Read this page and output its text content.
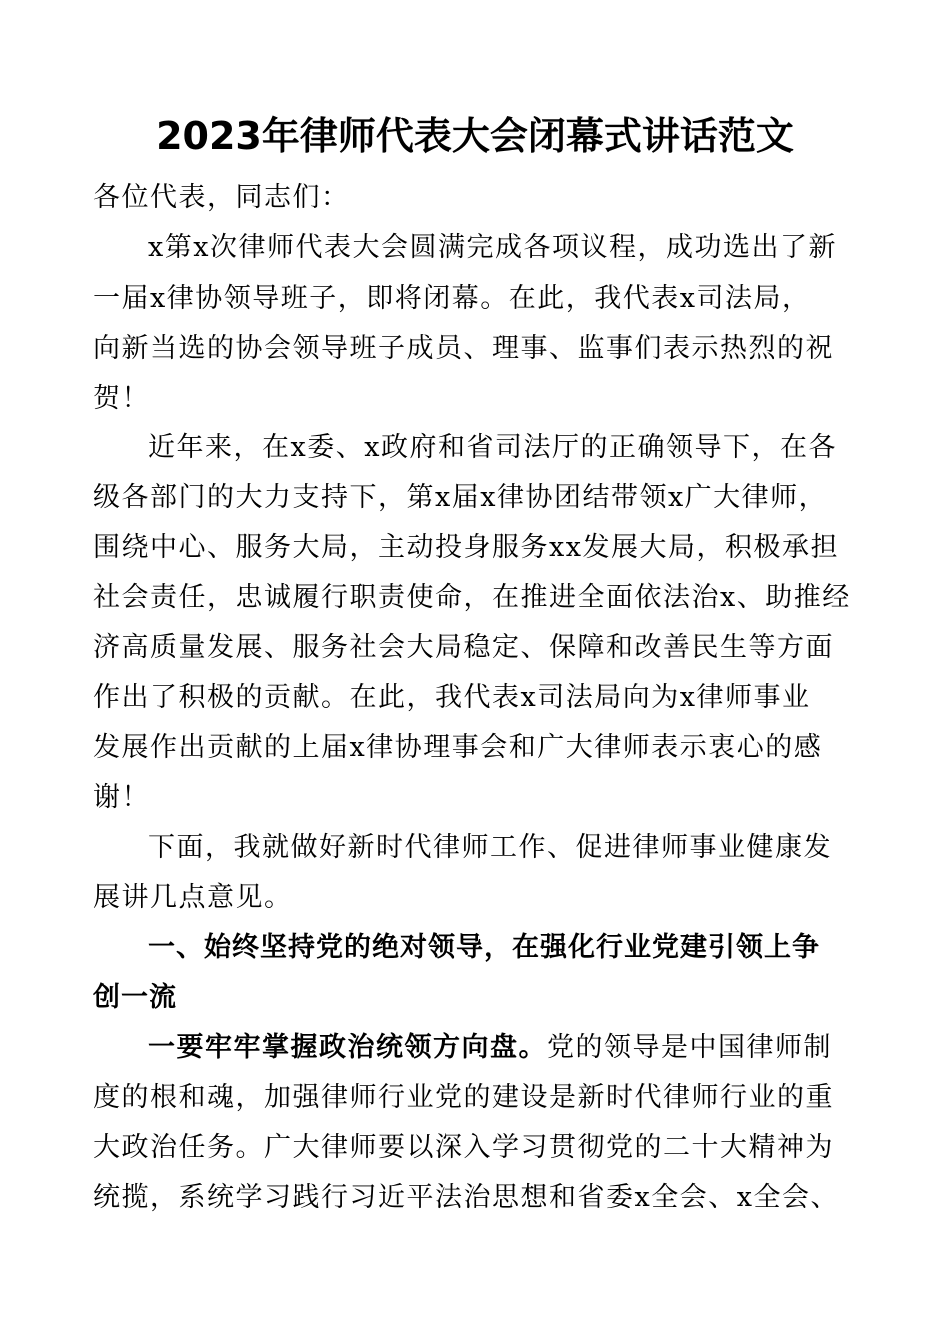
2023年律师代表大会闭幕式讲话范文
各位代表，同志们：
x第x次律师代表大会圆满完成各项议程，成功选出了新
一届x律协领导班子，即将闭幕。在此，我代表x司法局，
向新当选的协会领导班子成员、理事、监事们表示热烈的祝
贺！
近年来，在x委、x政府和省司法厅的正确领导下，在各
级各部门的大力支持下，第x届x律协团结带领x广大律师，
围绕中心、服务大局，主动投身服务xx发展大局，积极承担
社会责任，忠诚履行职责使命，在推进全面依法治x、助推经
济高质量发展、服务社会大局稳定、保障和改善民生等方面
作出了积极的贡献。在此，我代表x司法局向为x律师事业
发展作出贡献的上届x律协理事会和广大律师表示衷心的感
谢！
下面，我就做好新时代律师工作、促进律师事业健康发
展讲几点意见。
一、始终坚持党的绝对领导，在强化行业党建引领上争
创一流
一要牢牢掌握政治统领方向盘。党的领导是中国律师制
度的根和魂，加强律师行业党的建设是新时代律师行业的重
大政治任务。广大律师要以深入学习贯彻党的二十大精神为
统揽，系统学习践行习近平法治思想和省委x全会、x全会、
